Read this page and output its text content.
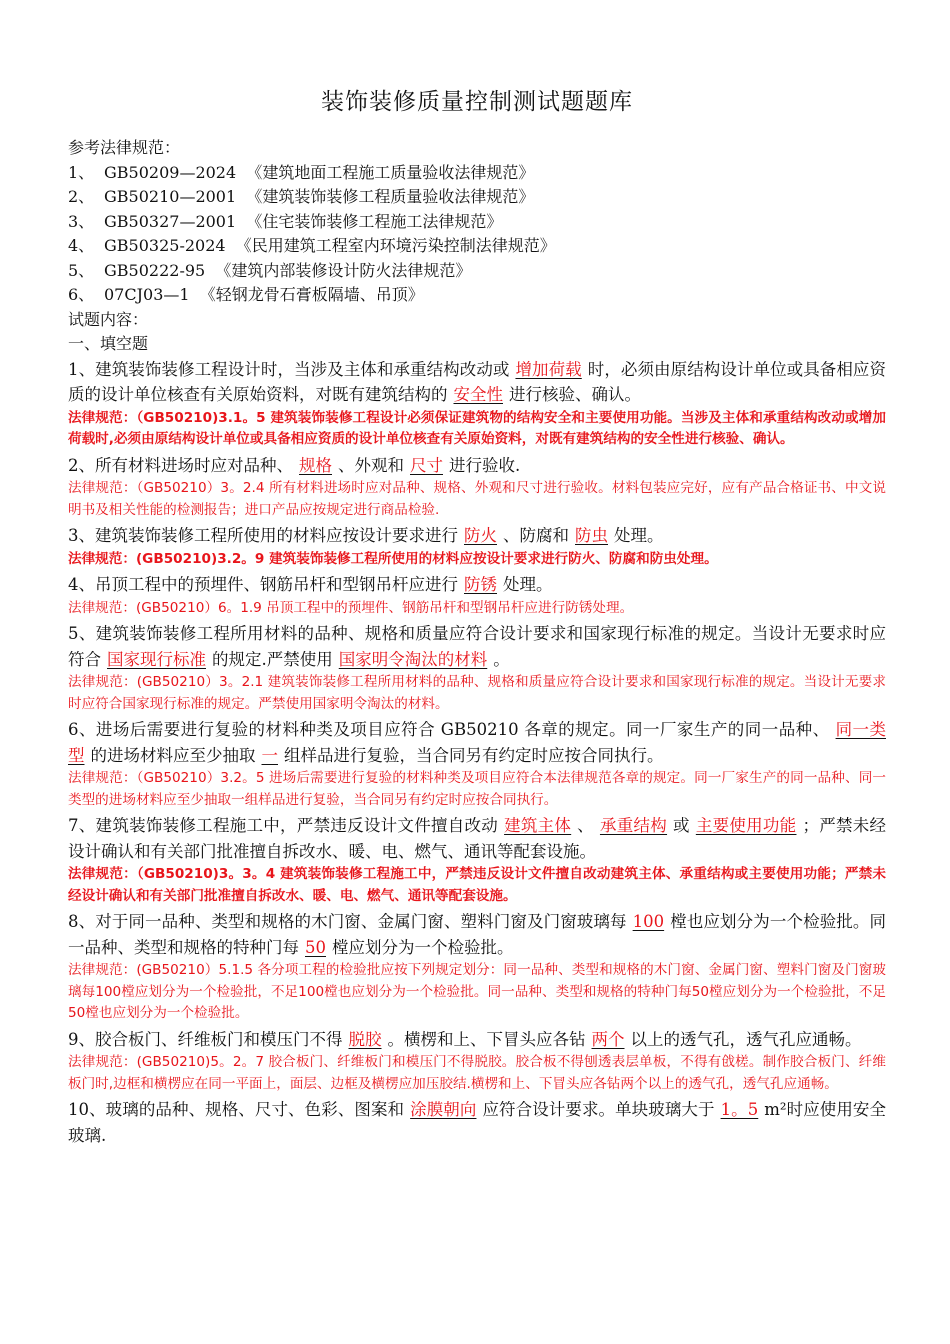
装饰装修质量控制测试题题库

参考法律规范：

1、 GB50209—2024 《建筑地面工程施工质量验收法律规范》
2、 GB50210—2001 《建筑装饰装修工程质量验收法律规范》
3、 GB50327—2001 《住宅装饰装修工程施工法律规范》
4、 GB50325-2024 《民用建筑工程室内环境污染控制法律规范》
5、 GB50222-95 《建筑内部装修设计防火法律规范》
6、 07CJ03—1 《轻钢龙骨石膏板隔墙、吊顶》

试题内容：

一、填空题

1、建筑装饰装修工程设计时，当涉及主体和承重结构改动或 增加荷载 时，必须由原结构设计单位或具备相应资质的设计单位核查有关原始资料，对既有建筑结构的 安全性 进行核验、确认。

法律规范：（GB50210)3.1。5 建筑装饰装修工程设计必须保证建筑物的结构安全和主要使用功能。当涉及主体和承重结构改动或增加荷载时,必须由原结构设计单位或具备相应资质的设计单位核查有关原始资料，对既有建筑结构的安全性进行核验、确认。

2、所有材料进场时应对品种、 规格 、外观和 尺寸 进行验收.

法律规范：（GB50210）3。2.4 所有材料进场时应对品种、规格、外观和尺寸进行验收。材料包装应完好，应有产品合格证书、中文说明书及相关性能的检测报告；进口产品应按规定进行商品检验.

3、建筑装饰装修工程所使用的材料应按设计要求进行 防火 、防腐和 防虫 处理。

法律规范：(GB50210)3.2。9 建筑装饰装修工程所使用的材料应按设计要求进行防火、防腐和防虫处理。

4、吊顶工程中的预埋件、钢筋吊杆和型钢吊杆应进行 防锈 处理。

法律规范：(GB50210）6。1.9 吊顶工程中的预埋件、钢筋吊杆和型钢吊杆应进行防锈处理。

5、建筑装饰装修工程所用材料的品种、规格和质量应符合设计要求和国家现行标准的规定。当设计无要求时应符合 国家现行标准 的规定.严禁使用 国家明令淘汰的材料 。

法律规范：(GB50210）3。2.1 建筑装饰装修工程所用材料的品种、规格和质量应符合设计要求和国家现行标准的规定。当设计无要求时应符合国家现行标准的规定。严禁使用国家明令淘汰的材料。

6、进场后需要进行复验的材料种类及项目应符合 GB50210 各章的规定。同一厂家生产的同一品种、 同一类型 的进场材料应至少抽取 一 组样品进行复验，当合同另有约定时应按合同执行。

法律规范：（GB50210）3.2。5 进场后需要进行复验的材料种类及项目应符合本法律规范各章的规定。同一厂家生产的同一品种、同一类型的进场材料应至少抽取一组样品进行复验，当合同另有约定时应按合同执行。

7、建筑装饰装修工程施工中，严禁违反设计文件擅自改动 建筑主体 、 承重结构 或 主要使用功能 ；严禁未经设计确认和有关部门批准擅自拆改水、暖、电、燃气、通讯等配套设施。

法律规范：（GB50210)3。3。4 建筑装饰装修工程施工中，严禁违反设计文件擅自改动建筑主体、承重结构或主要使用功能；严禁未经设计确认和有关部门批准擅自拆改水、暖、电、燃气、通讯等配套设施。

8、对于同一品种、类型和规格的木门窗、金属门窗、塑料门窗及门窗玻璃每 100 樘也应划分为一个检验批。同一品种、类型和规格的特种门每 50 樘应划分为一个检验批。

法律规范：(GB50210）5.1.5 各分项工程的检验批应按下列规定划分：同一品种、类型和规格的木门窗、金属门窗、塑料门窗及门窗玻璃每100樘应划分为一个检验批，不足100樘也应划分为一个检验批。同一品种、类型和规格的特种门每50樘应划分为一个检验批，不足50樘也应划分为一个检验批。

9、胶合板门、纤维板门和模压门不得 脱胶 。横楞和上、下冒头应各钻 两个 以上的透气孔，透气孔应通畅。

法律规范：(GB50210)5。2。7 胶合板门、纤维板门和模压门不得脱胶。胶合板不得刨透表层单板，不得有戗槎。制作胶合板门、纤维板门时,边框和横楞应在同一平面上，面层、边框及横楞应加压胶结.横楞和上、下冒头应各钻两个以上的透气孔，透气孔应通畅。

10、玻璃的品种、规格、尺寸、色彩、图案和 涂膜朝向 应符合设计要求。单块玻璃大于 1。5 m²时应使用安全玻璃.
